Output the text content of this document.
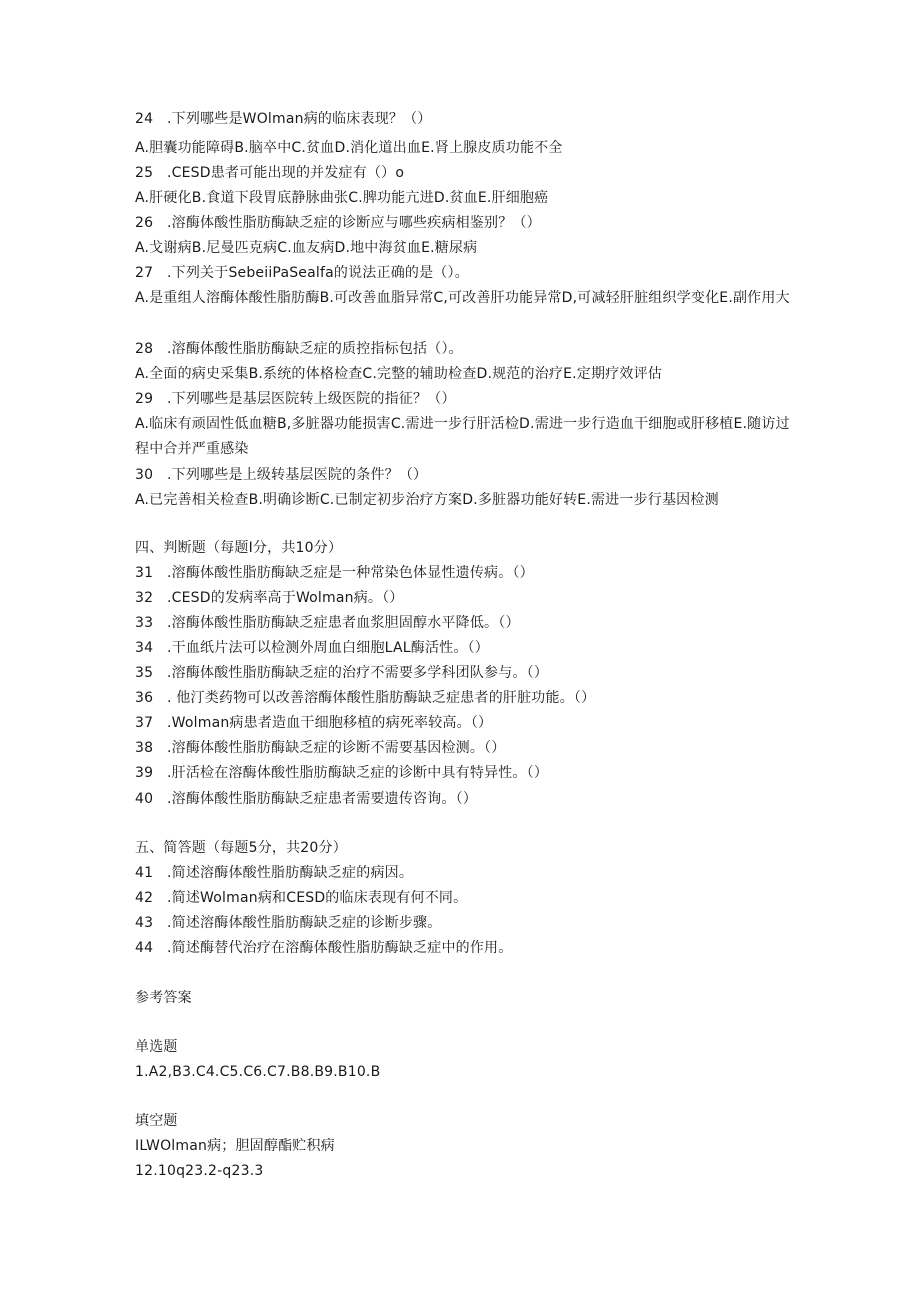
24 .下列哪些是WOlman病的临床表现？（）
A.胆囊功能障碍B.脑卒中C.贫血D.消化道出血E.肾上腺皮质功能不全
25 .CESD患者可能出现的并发症有（）o
A.肝硬化B.食道下段胃底静脉曲张C.脾功能亢进D.贫血E.肝细胞癌
26 .溶酶体酸性脂肪酶缺乏症的诊断应与哪些疾病相鉴别？（）
A.戈谢病B.尼曼匹克病C.血友病D.地中海贫血E.糖尿病
27 .下列关于SebeiiPaSealfa的说法正确的是（）。
A.是重组人溶酶体酸性脂肪酶B.可改善血脂异常C,可改善肝功能异常D,可减轻肝脏组织学变化E.副作用大
28 .溶酶体酸性脂肪酶缺乏症的质控指标包括（）。
A.全面的病史采集B.系统的体格检查C.完整的辅助检查D.规范的治疗E.定期疗效评估
29 .下列哪些是基层医院转上级医院的指征？（）
A.临床有顽固性低血糖B,多脏器功能损害C.需进一步行肝活检D.需进一步行造血干细胞或肝移植E.随访过程中合并严重感染
30 .下列哪些是上级转基层医院的条件？（）
A.已完善相关检查B.明确诊断C.已制定初步治疗方案D.多脏器功能好转E.需进一步行基因检测
四、判断题（每题I分，共10分）
31 .溶酶体酸性脂肪酶缺乏症是一种常染色体显性遗传病。（）
32 .CESD的发病率高于Wolman病。（）
33 .溶酶体酸性脂肪酶缺乏症患者血浆胆固醇水平降低。（）
34 .干血纸片法可以检测外周血白细胞LAL酶活性。（）
35 .溶酶体酸性脂肪酶缺乏症的治疗不需要多学科团队参与。（）
36 . 他汀类药物可以改善溶酶体酸性脂肪酶缺乏症患者的肝脏功能。（）
37 .Wolman病患者造血干细胞移植的病死率较高。（）
38 .溶酶体酸性脂肪酶缺乏症的诊断不需要基因检测。（）
39 .肝活检在溶酶体酸性脂肪酶缺乏症的诊断中具有特异性。（）
40 .溶酶体酸性脂肪酶缺乏症患者需要遗传咨询。（）
五、简答题（每题5分，共20分）
41 .简述溶酶体酸性脂肪酶缺乏症的病因。
42 .简述Wolman病和CESD的临床表现有何不同。
43 .简述溶酶体酸性脂肪酶缺乏症的诊断步骤。
44 .简述酶替代治疗在溶酶体酸性脂肪酶缺乏症中的作用。
参考答案
单选题
1.A2,B3.C4.C5.C6.C7.B8.B9.B10.B
填空题
ILWOlman病；胆固醇酯贮积病
12.10q23.2-q23.3
